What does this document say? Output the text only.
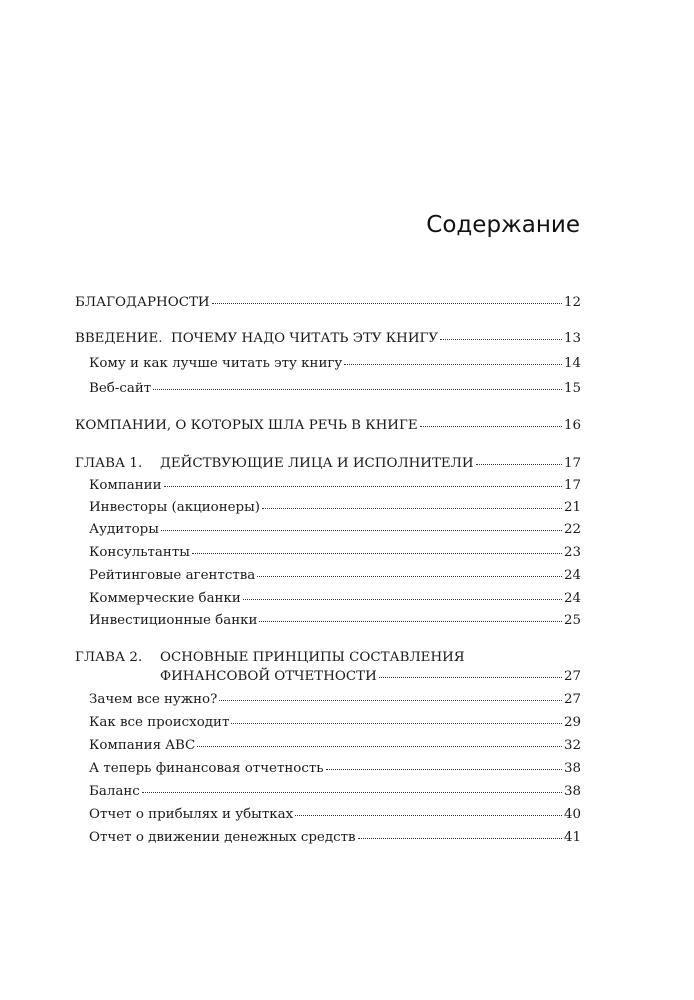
Содержание
БЛАГОДАРНОСТИ	12
ВВЕДЕНИЕ.  ПОЧЕМУ НАДО ЧИТАТЬ ЭТУ КНИГУ	13
Кому и как лучше читать эту книгу	14
Веб-сайт	15
КОМПАНИИ, О КОТОРЫХ ШЛА РЕЧЬ В КНИГЕ	16
ГЛАВА 1. ДЕЙСТВУЮЩИЕ ЛИЦА И ИСПОЛНИТЕЛИ	17
Компании	17
Инвесторы (акционеры)	21
Аудиторы	22
Консультанты	23
Рейтинговые агентства	24
Коммерческие банки	24
Инвестиционные банки	25
ГЛАВА 2. ОСНОВНЫЕ ПРИНЦИПЫ СОСТАВЛЕНИЯ
ФИНАНСОВОЙ ОТЧЕТНОСТИ	27
Зачем все нужно?	27
Как все происходит	29
Компания ABC	32
А теперь финансовая отчетность	38
Баланс	38
Отчет о прибылях и убытках	40
Отчет о движении денежных средств	41
